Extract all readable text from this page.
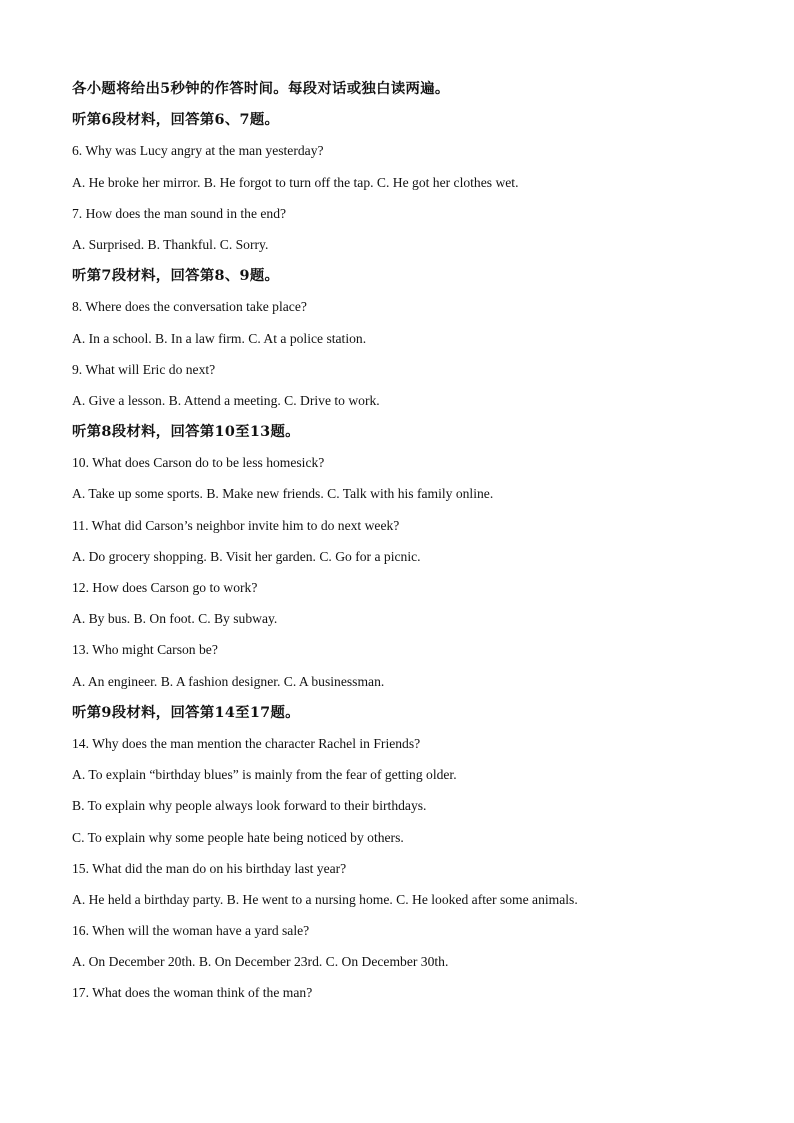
各小题将给出5秒钟的作答时间。每段对话或独白读两遍。
听第6段材料，回答第6、7题。
6. Why was Lucy angry at the man yesterday?
A. He broke her mirror. B. He forgot to turn off the tap. C. He got her clothes wet.
7. How does the man sound in the end?
A. Surprised. B. Thankful. C. Sorry.
听第7段材料，回答第8、9题。
8. Where does the conversation take place?
A. In a school. B. In a law firm. C. At a police station.
9. What will Eric do next?
A. Give a lesson. B. Attend a meeting. C. Drive to work.
听第8段材料，回答第10至13题。
10. What does Carson do to be less homesick?
A. Take up some sports. B. Make new friends. C. Talk with his family online.
11. What did Carson’s neighbor invite him to do next week?
A. Do grocery shopping. B. Visit her garden. C. Go for a picnic.
12. How does Carson go to work?
A. By bus. B. On foot. C. By subway.
13. Who might Carson be?
A. An engineer. B. A fashion designer. C. A businessman.
听第9段材料，回答第14至17题。
14. Why does the man mention the character Rachel in Friends?
A. To explain “birthday blues” is mainly from the fear of getting older.
B. To explain why people always look forward to their birthdays.
C. To explain why some people hate being noticed by others.
15. What did the man do on his birthday last year?
A. He held a birthday party. B. He went to a nursing home. C. He looked after some animals.
16. When will the woman have a yard sale?
A. On December 20th. B. On December 23rd. C. On December 30th.
17. What does the woman think of the man?
